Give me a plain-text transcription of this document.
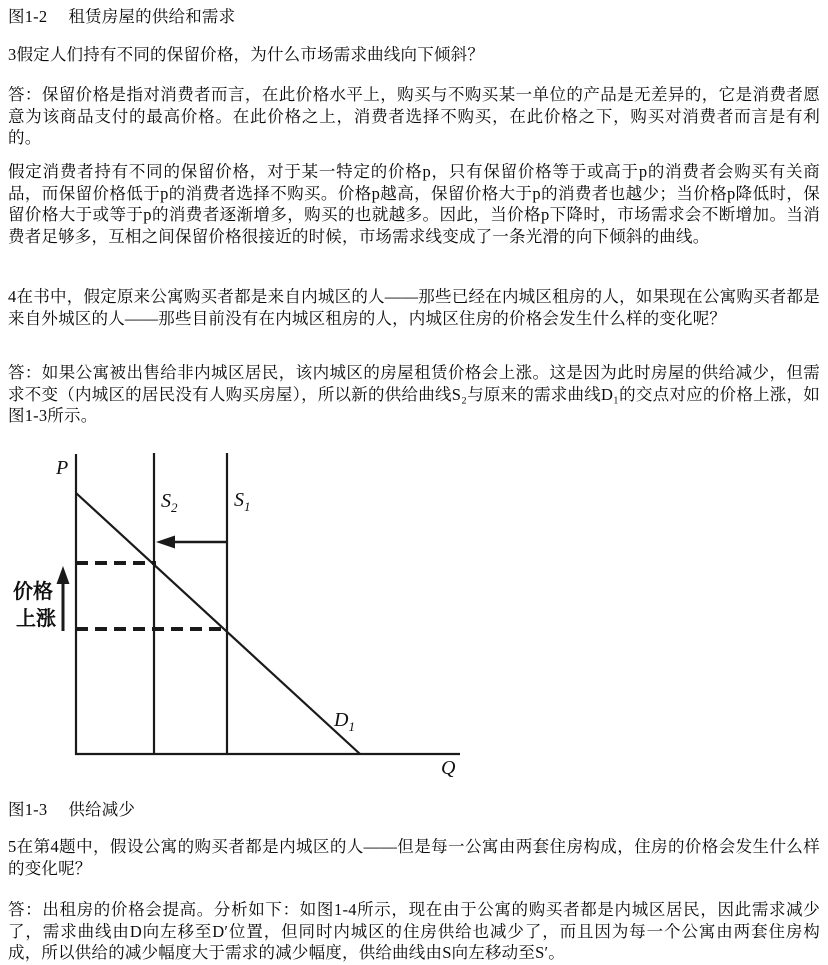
图1-2　 租赁房屋的供给和需求

3假定人们持有不同的保留价格，为什么市场需求曲线向下倾斜？

答：保留价格是指对消费者而言，在此价格水平上，购买与不购买某一单位的产品是无差异的，它是消费者愿意为该商品支付的最高价格。在此价格之上，消费者选择不购买，在此价格之下，购买对消费者而言是有利的。

假定消费者持有不同的保留价格，对于某一特定的价格p，只有保留价格等于或高于p的消费者会购买有关商品，而保留价格低于p的消费者选择不购买。价格p越高，保留价格大于p的消费者也越少；当价格p降低时，保留价格大于或等于p的消费者逐渐增多，购买的也就越多。因此，当价格p下降时，市场需求会不断增加。当消费者足够多，互相之间保留价格很接近的时候，市场需求线变成了一条光滑的向下倾斜的曲线。

4在书中，假定原来公寓购买者都是来自内城区的人——那些已经在内城区租房的人，如果现在公寓购买者都是来自外城区的人——那些目前没有在内城区租房的人，内城区住房的价格会发生什么样的变化呢？

答：如果公寓被出售给非内城区居民，该内城区的房屋租赁价格会上涨。这是因为此时房屋的供给减少，但需求不变（内城区的居民没有人购买房屋），所以新的供给曲线S₂与原来的需求曲线D₁的交点对应的价格上涨，如图1-3所示。

P
Q
$S_2$	$S_1$
$D_1$
价格
上涨

图1-3　 供给减少

5在第4题中，假设公寓的购买者都是内城区的人——但是每一公寓由两套住房构成，住房的价格会发生什么样的变化呢？

答：出租房的价格会提高。分析如下：如图1-4所示，现在由于公寓的购买者都是内城区居民，因此需求减少了，需求曲线由D向左移至D′位置，但同时内城区的住房供给也减少了，而且因为每一个公寓由两套住房构成，所以供给的减少幅度大于需求的减少幅度，供给曲线由S向左移动至S′。
